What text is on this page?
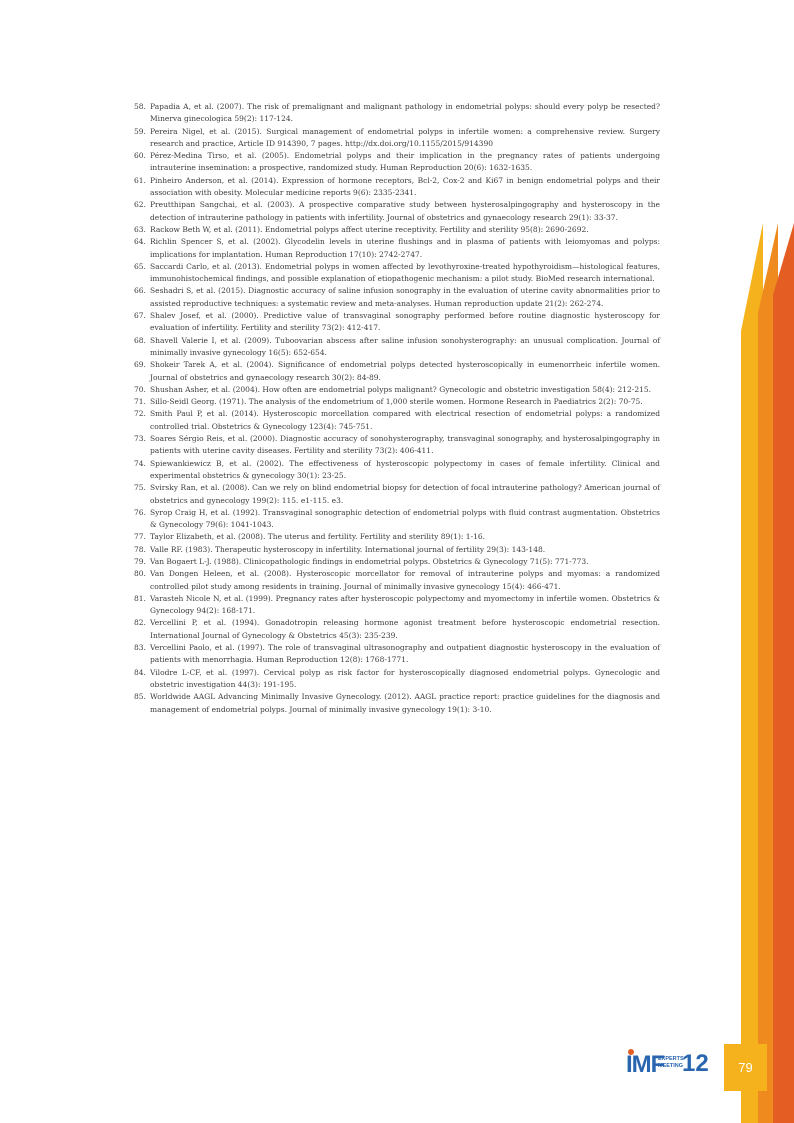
58. Papadia A, et al. (2007). The risk of premalignant and malignant pathology in endometrial polyps: should every polyp be resected? Minerva ginecologica 59(2): 117-124.
59. Pereira Nigel, et al. (2015). Surgical management of endometrial polyps in infertile women: a comprehensive review. Surgery research and practice, Article ID 914390, 7 pages. http://dx.doi.org/10.1155/2015/914390
60. Pérez-Medina Tirso, et al. (2005). Endometrial polyps and their implication in the pregnancy rates of patients undergoing intrauterine insemination: a prospective, randomized study. Human Reproduction 20(6): 1632-1635.
61. Pinheiro Anderson, et al. (2014). Expression of hormone receptors, Bcl-2, Cox-2 and Ki67 in benign endometrial polyps and their association with obesity. Molecular medicine reports 9(6): 2335-2341.
62. Preutthipan Sangchai, et al. (2003). A prospective comparative study between hysterosalpingography and hysteroscopy in the detection of intrauterine pathology in patients with infertility. Journal of obstetrics and gynaecology research 29(1): 33-37.
63. Rackow Beth W, et al. (2011). Endometrial polyps affect uterine receptivity. Fertility and sterility 95(8): 2690-2692.
64. Richlin Spencer S, et al. (2002). Glycodelin levels in uterine flushings and in plasma of patients with leiomyomas and polyps: implications for implantation. Human Reproduction 17(10): 2742-2747.
65. Saccardi Carlo, et al. (2013). Endometrial polyps in women affected by levothyroxine-treated hypothyroidism—histological features, immunohistochemical findings, and possible explanation of etiopathogenic mechanism: a pilot study. BioMed research international.
66. Seshadri S, et al. (2015). Diagnostic accuracy of saline infusion sonography in the evaluation of uterine cavity abnormalities prior to assisted reproductive techniques: a systematic review and meta-analyses. Human reproduction update 21(2): 262-274.
67. Shalev Josef, et al. (2000). Predictive value of transvaginal sonography performed before routine diagnostic hysteroscopy for evaluation of infertility. Fertility and sterility 73(2): 412-417.
68. Shavell Valerie I, et al. (2009). Tuboovarian abscess after saline infusion sonohysterography: an unusual complication. Journal of minimally invasive gynecology 16(5): 652-654.
69. Shokeir Tarek A, et al. (2004). Significance of endometrial polyps detected hysteroscopically in eumenorrheic infertile women. Journal of obstetrics and gynaecology research 30(2): 84-89.
70. Shushan Asher, et al. (2004). How often are endometrial polyps malignant? Gynecologic and obstetric investigation 58(4): 212-215.
71. Sillo-Seidl Georg. (1971). The analysis of the endometrium of 1,000 sterile women. Hormone Research in Paediatrics 2(2): 70-75.
72. Smith Paul P, et al. (2014). Hysteroscopic morcellation compared with electrical resection of endometrial polyps: a randomized controlled trial. Obstetrics & Gynecology 123(4): 745-751.
73. Soares Sérgio Reis, et al. (2000). Diagnostic accuracy of sonohysterography, transvaginal sonography, and hysterosalpingography in patients with uterine cavity diseases. Fertility and sterility 73(2): 406-411.
74. Spiewankiewicz B, et al. (2002). The effectiveness of hysteroscopic polypectomy in cases of female infertility. Clinical and experimental obstetrics & gynecology 30(1): 23-25.
75. Svirsky Ran, et al. (2008). Can we rely on blind endometrial biopsy for detection of focal intrauterine pathology? American journal of obstetrics and gynecology 199(2): 115. e1-115. e3.
76. Syrop Craig H, et al. (1992). Transvaginal sonographic detection of endometrial polyps with fluid contrast augmentation. Obstetrics & Gynecology 79(6): 1041-1043.
77. Taylor Elizabeth, et al. (2008). The uterus and fertility. Fertility and sterility 89(1): 1-16.
78. Valle RF. (1983). Therapeutic hysteroscopy in infertility. International journal of fertility 29(3): 143-148.
79. Van Bogaert L-J. (1988). Clinicopathologic findings in endometrial polyps. Obstetrics & Gynecology 71(5): 771-773.
80. Van Dongen Heleen, et al. (2008). Hysteroscopic morcellator for removal of intrauterine polyps and myomas: a randomized controlled pilot study among residents in training. Journal of minimally invasive gynecology 15(4): 466-471.
81. Varasteh Nicole N, et al. (1999). Pregnancy rates after hysteroscopic polypectomy and myomectomy in infertile women. Obstetrics & Gynecology 94(2): 168-171.
82. Vercellini P, et al. (1994). Gonadotropin releasing hormone agonist treatment before hysteroscopic endometrial resection. International Journal of Gynecology & Obstetrics 45(3): 235-239.
83. Vercellini Paolo, et al. (1997). The role of transvaginal ultrasonography and outpatient diagnostic hysteroscopy in the evaluation of patients with menorrhagia. Human Reproduction 12(8): 1768-1771.
84. Vilodre L-CF, et al. (1997). Cervical polyp as risk factor for hysteroscopically diagnosed endometrial polyps. Gynecologic and obstetric investigation 44(3): 191-195.
85. Worldwide AAGL Advancing Minimally Invasive Gynecology. (2012). AAGL practice report: practice guidelines for the diagnosis and management of endometrial polyps. Journal of minimally invasive gynecology 19(1): 3-10.
IMF
EXPERTS
MEETING
12 79
